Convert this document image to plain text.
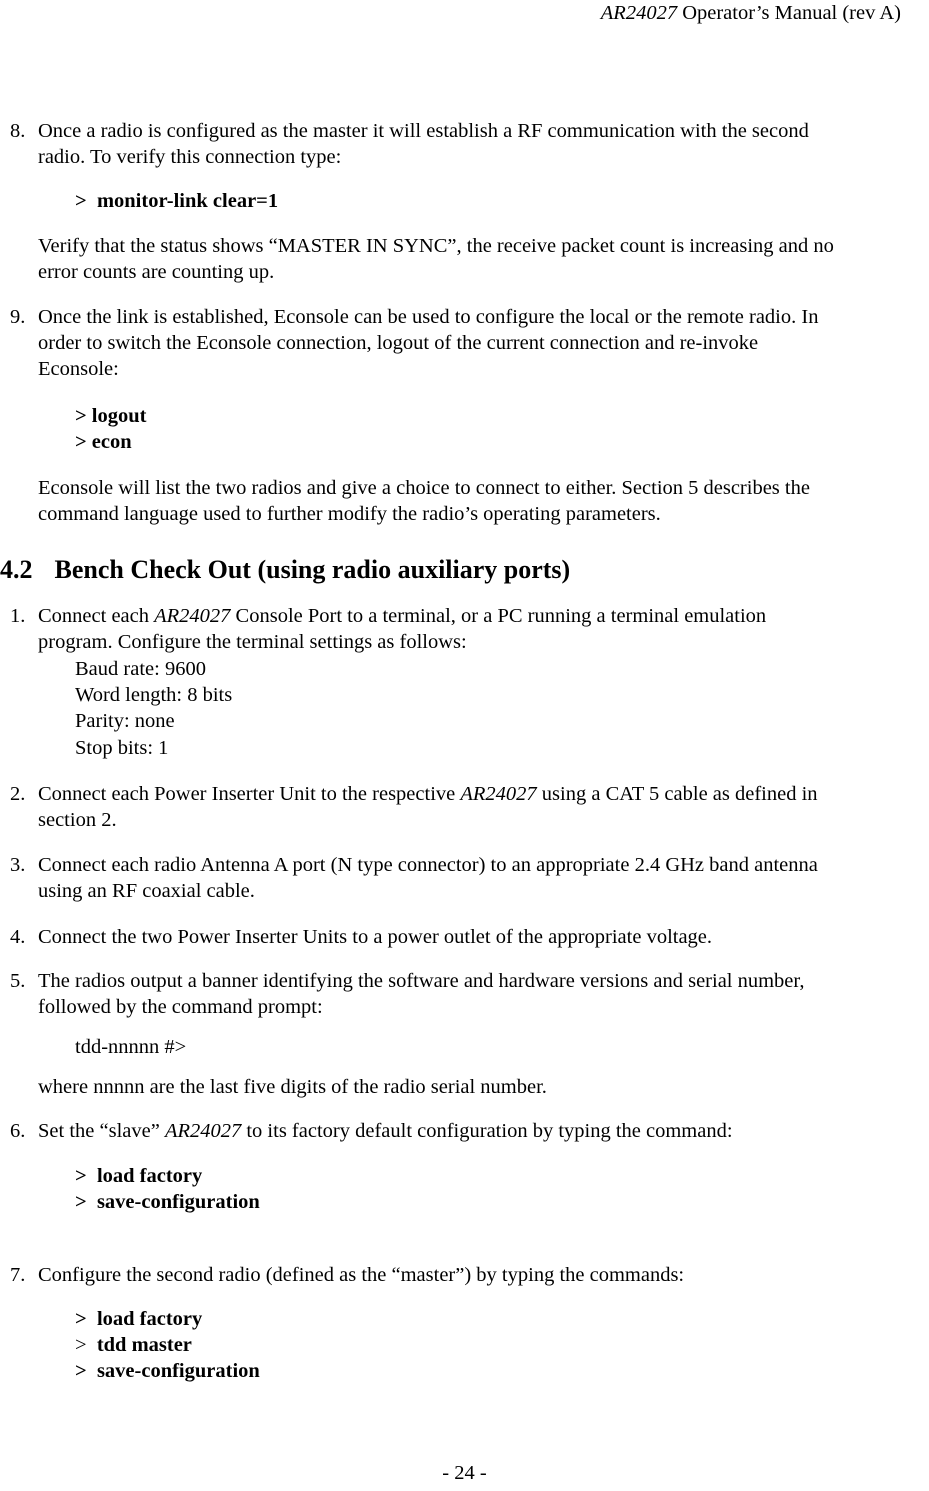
AR24027 Operator’s Manual (rev A)
8. Once a radio is configured as the master it will establish a RF communication with the second
radio. To verify this connection type:
> monitor-link clear=1
Verify that the status shows “MASTER IN SYNC”, the receive packet count is increasing and no
error counts are counting up.
9. Once the link is established, Econsole can be used to configure the local or the remote radio. In
order to switch the Econsole connection, logout of the current connection and re-invoke
Econsole:
> logout
> econ
Econsole will list the two radios and give a choice to connect to either. Section 5 describes the
command language used to further modify the radio’s operating parameters.
4.2 Bench Check Out (using radio auxiliary ports)
1. Connect each AR24027 Console Port to a terminal, or a PC running a terminal emulation
program. Configure the terminal settings as follows:
Baud rate: 9600
Word length: 8 bits
Parity: none
Stop bits: 1
2. Connect each Power Inserter Unit to the respective AR24027 using a CAT 5 cable as defined in
section 2.
3. Connect each radio Antenna A port (N type connector) to an appropriate 2.4 GHz band antenna
using an RF coaxial cable.
4. Connect the two Power Inserter Units to a power outlet of the appropriate voltage.
5. The radios output a banner identifying the software and hardware versions and serial number,
followed by the command prompt:
tdd-nnnnn #>
where nnnnn are the last five digits of the radio serial number.
6. Set the “slave” AR24027 to its factory default configuration by typing the command:
> load factory
> save-configuration
7. Configure the second radio (defined as the “master”) by typing the commands:
> load factory
> tdd master
> save-configuration
- 24 -
